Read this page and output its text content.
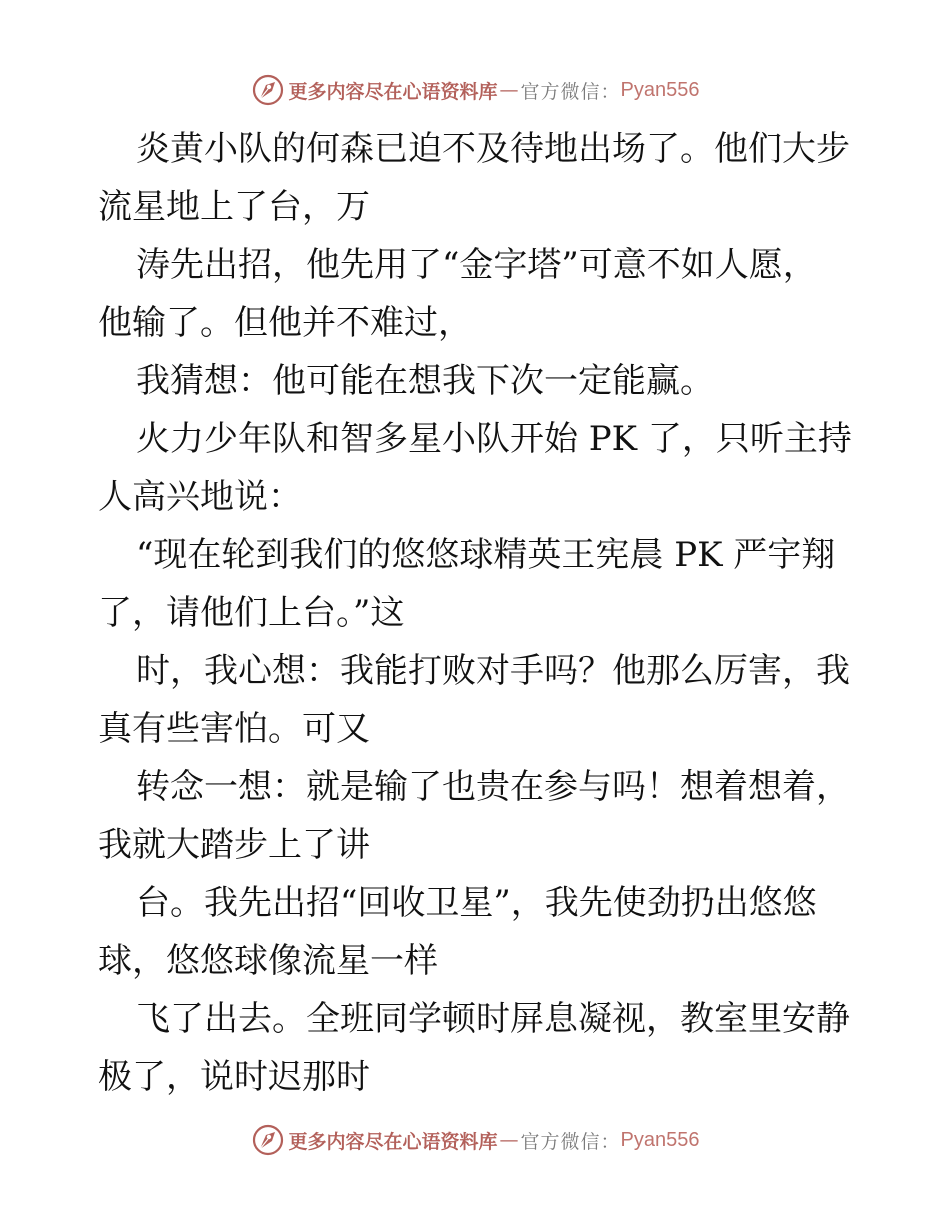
更多内容尽在心语资料库 — 官方微信： Pyan556
炎黄小队的何森已迫不及待地出场了。他们大步
流星地上了台，万
涛先出招，他先用了“金字塔”可意不如人愿，
他输了。但他并不难过，
我猜想：他可能在想我下次一定能赢。
火力少年队和智多星小队开始 PK 了，只听主持
人高兴地说：
“现在轮到我们的悠悠球精英王宪晨 PK 严宇翔
了，请他们上台。”这
时，我心想：我能打败对手吗？他那么厉害，我
真有些害怕。可又
转念一想：就是输了也贵在参与吗！想着想着，
我就大踏步上了讲
台。我先出招“回收卫星”，我先使劲扔出悠悠
球，悠悠球像流星一样
飞了出去。全班同学顿时屏息凝视，教室里安静
极了，说时迟那时
更多内容尽在心语资料库 — 官方微信： Pyan556
